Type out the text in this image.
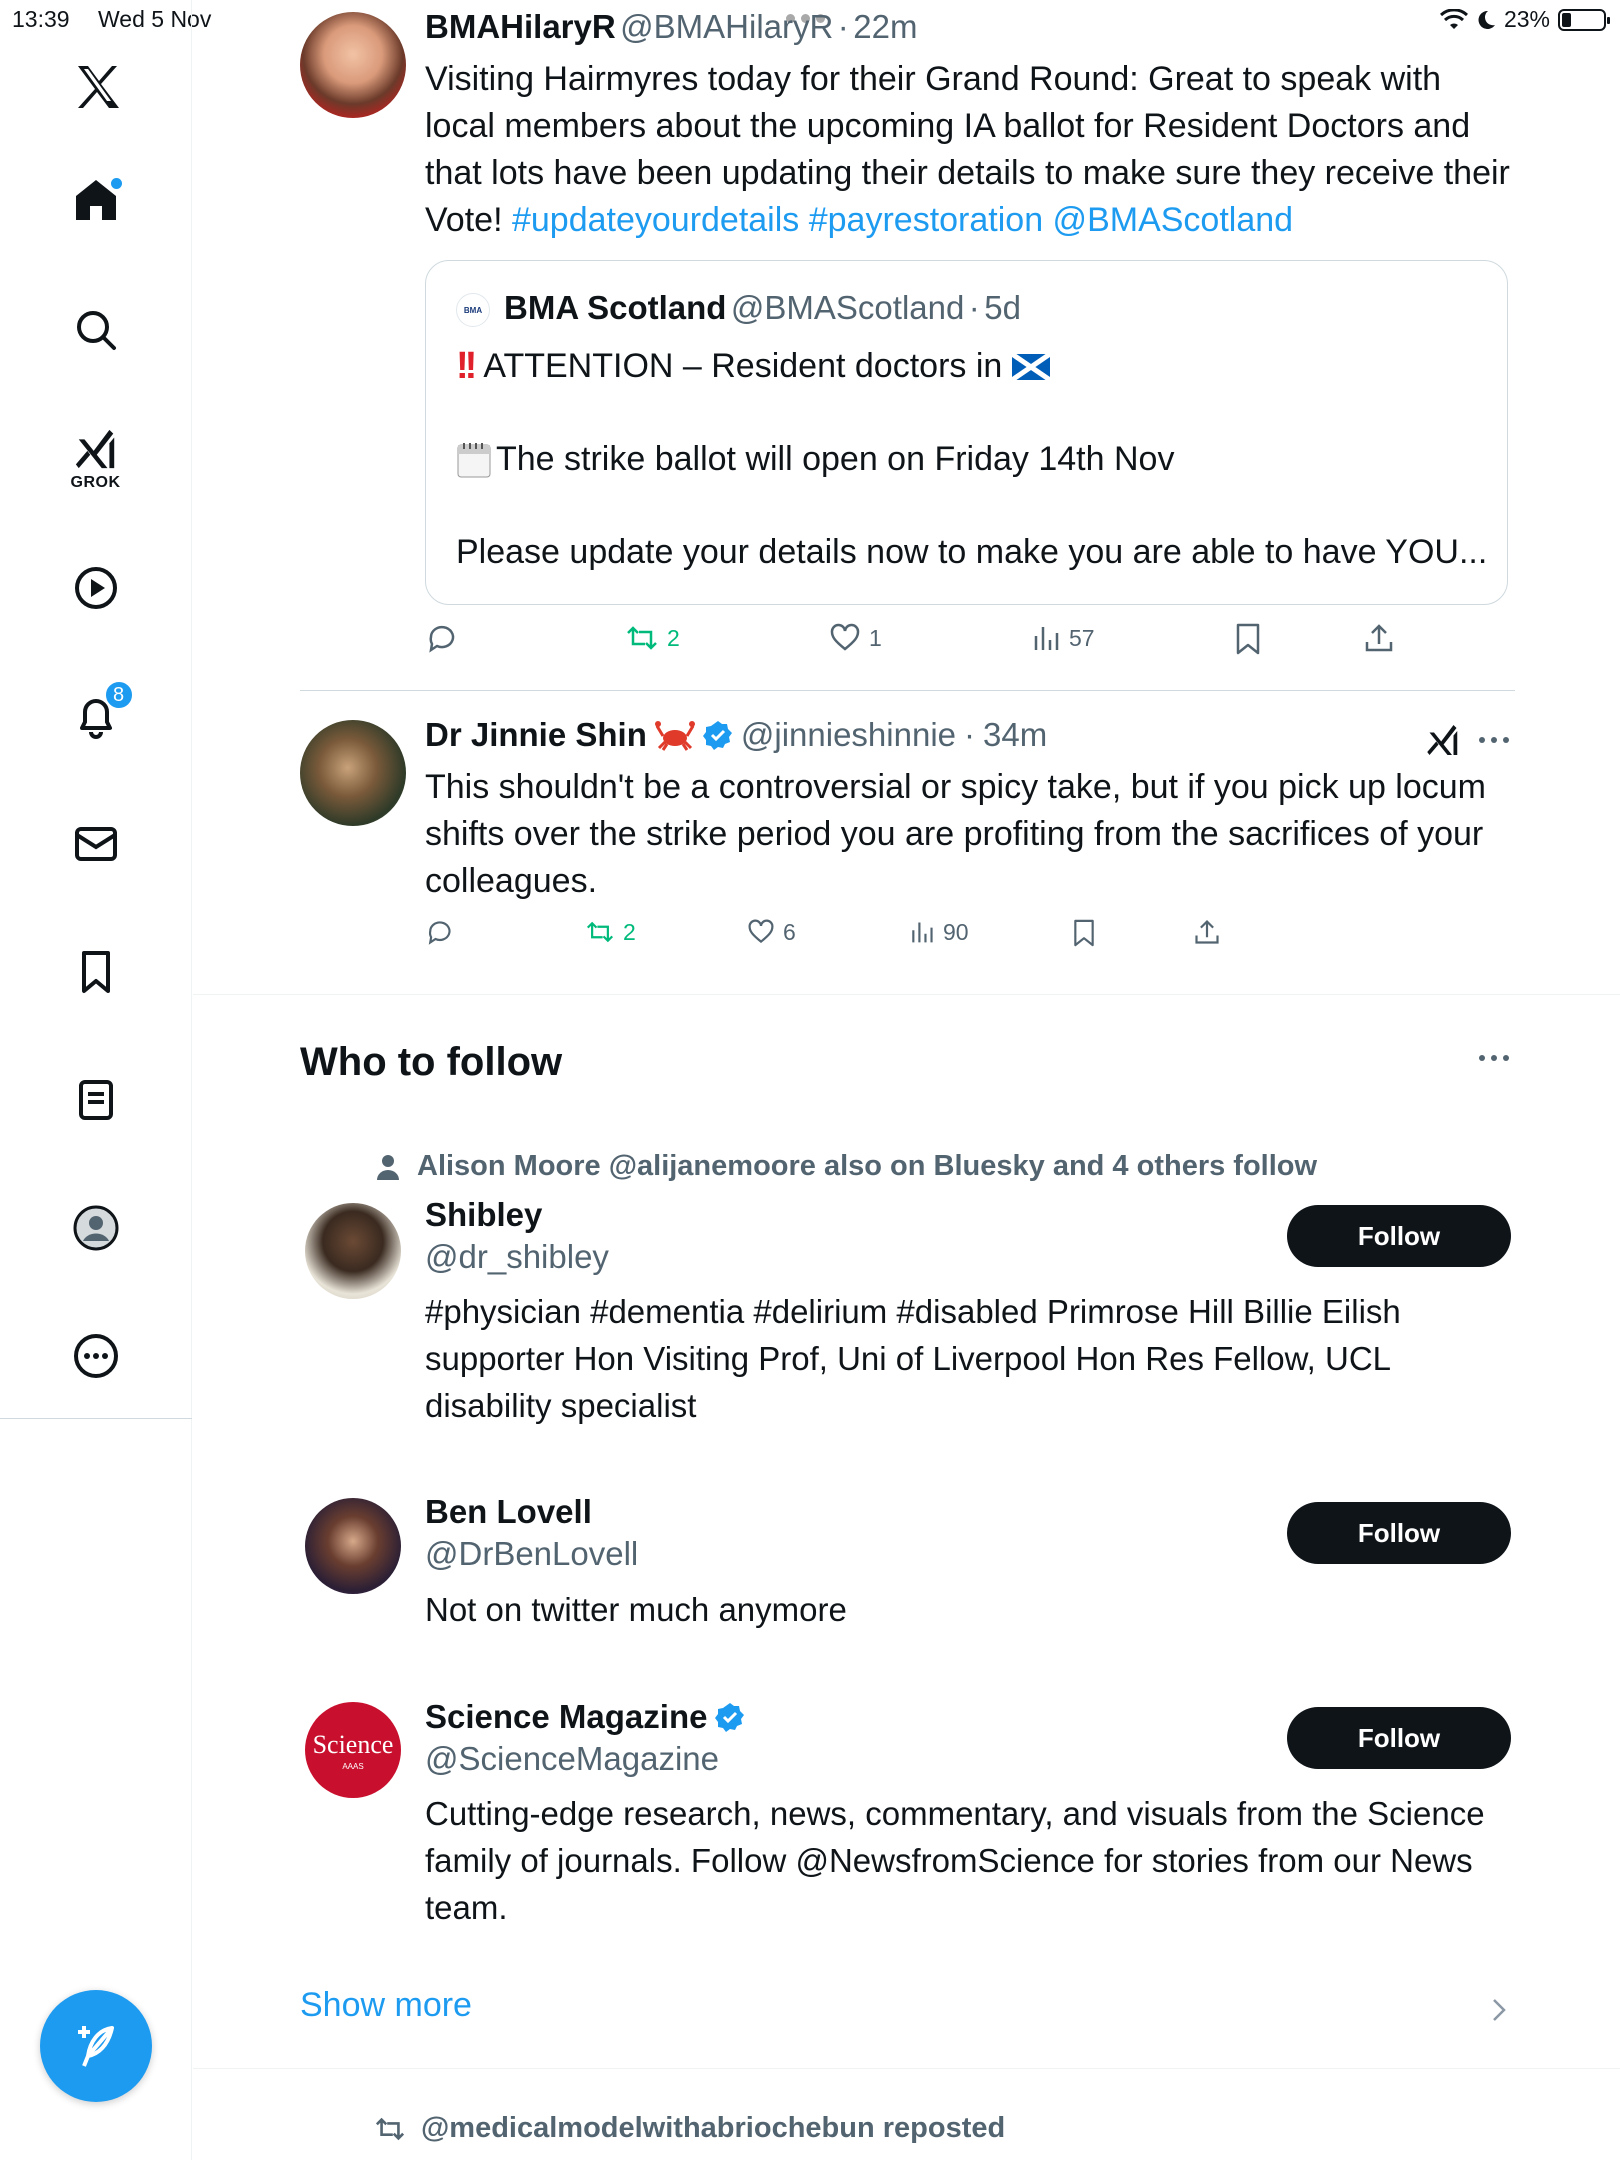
13:39 Wed 5 Nov	23%
GROK
8
BMAHilaryR @BMAHilaryR · 22m
Visiting Hairmyres today for their Grand Round: Great to speak with local members about the upcoming IA ballot for Resident Doctors and that lots have been updating their details to make sure they receive their Vote! #updateyourdetails #payrestoration @BMAScotland
BMA BMA Scotland @BMAScotland · 5d
!! ATTENTION – Resident doctors in
The strike ballot will open on Friday 14th Nov
Please update your details now to make you are able to have YOU...
2	1	57
Dr Jinnie Shin	@jinnieshinnie · 34m
This shouldn't be a controversial or spicy take, but if you pick up locum shifts over the strike period you are profiting from the sacrifices of your colleagues.
2	6	90
Who to follow
Alison Moore @alijanemoore also on Bluesky and 4 others follow
Shibley
@dr_shibley
Follow
#physician #dementia #delirium #disabled Primrose Hill Billie Eilish supporter Hon Visiting Prof, Uni of Liverpool Hon Res Fellow, UCL disability specialist
Ben Lovell
@DrBenLovell
Follow
Not on twitter much anymore
Science
AAAS
Science Magazine
@ScienceMagazine
Follow
Cutting-edge research, news, commentary, and visuals from the Science family of journals. Follow @NewsfromScience for stories from our News team.
Show more
@medicalmodelwithabriochebun reposted
